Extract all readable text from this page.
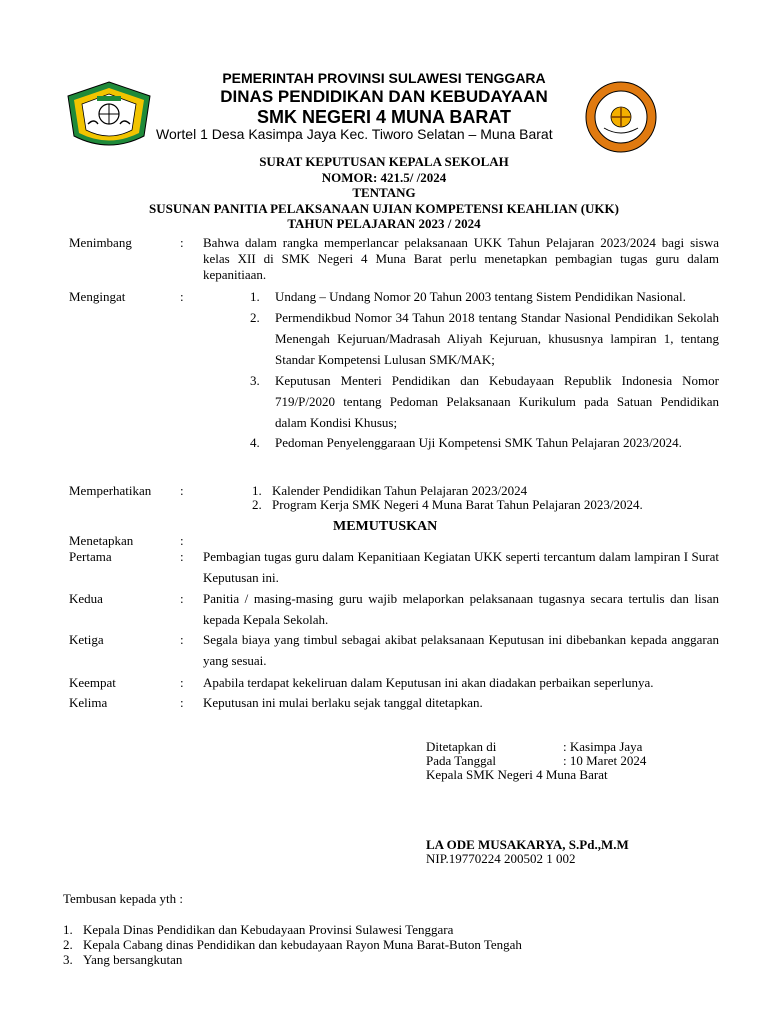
PEMERINTAH PROVINSI SULAWESI TENGGARA
DINAS PENDIDIKAN DAN KEBUDAYAAN
SMK NEGERI 4 MUNA BARAT
Wortel 1 Desa Kasimpa Jaya Kec. Tiworo Selatan – Muna Barat
SURAT KEPUTUSAN KEPALA SEKOLAH
NOMOR: 421.5/ /2024
TENTANG
SUSUNAN PANITIA PELAKSANAAN UJIAN KOMPETENSI KEAHLIAN (UKK)
TAHUN PELAJARAN 2023 / 2024
Menimbang	: Bahwa dalam rangka memperlancar pelaksanaan UKK Tahun Pelajaran 2023/2024 bagi siswa kelas XII di SMK Negeri 4 Muna Barat perlu menetapkan pembagian tugas guru dalam kepanitiaan.
Mengingat	:	1. Undang – Undang Nomor 20 Tahun 2003 tentang Sistem Pendidikan Nasional.
2. Permendikbud Nomor 34 Tahun 2018 tentang Standar Nasional Pendidikan Sekolah Menengah Kejuruan/Madrasah Aliyah Kejuruan, khususnya lampiran 1, tentang Standar Kompetensi Lulusan SMK/MAK;
3. Keputusan Menteri Pendidikan dan Kebudayaan Republik Indonesia Nomor 719/P/2020 tentang Pedoman Pelaksanaan Kurikulum pada Satuan Pendidikan dalam Kondisi Khusus;
4. Pedoman Penyelenggaraan Uji Kompetensi SMK Tahun Pelajaran 2023/2024.
Memperhatikan :	1. Kalender Pendidikan Tahun Pelajaran 2023/2024
2. Program Kerja SMK Negeri 4 Muna Barat Tahun Pelajaran 2023/2024.
MEMUTUSKAN
Menetapkan	:
Pertama	: Pembagian tugas guru dalam Kepanitiaan Kegiatan UKK seperti tercantum dalam lampiran I Surat Keputusan ini.
Kedua	: Panitia / masing-masing guru wajib melaporkan pelaksanaan tugasnya secara tertulis dan lisan kepada Kepala Sekolah.
Ketiga	: Segala biaya yang timbul sebagai akibat pelaksanaan Keputusan ini dibebankan kepada anggaran yang sesuai.
Keempat	: Apabila terdapat kekeliruan dalam Keputusan ini akan diadakan perbaikan seperlunya.
Kelima	: Keputusan ini mulai berlaku sejak tanggal ditetapkan.
Ditetapkan di	: Kasimpa Jaya
Pada Tanggal	: 10 Maret 2024
Kepala SMK Negeri 4 Muna Barat
LA ODE MUSAKARYA, S.Pd.,M.M
NIP.19770224 200502 1 002
Tembusan kepada yth :
1. Kepala Dinas Pendidikan dan Kebudayaan Provinsi Sulawesi Tenggara
2. Kepala Cabang dinas Pendidikan dan kebudayaan Rayon Muna Barat-Buton Tengah
3. Yang bersangkutan
